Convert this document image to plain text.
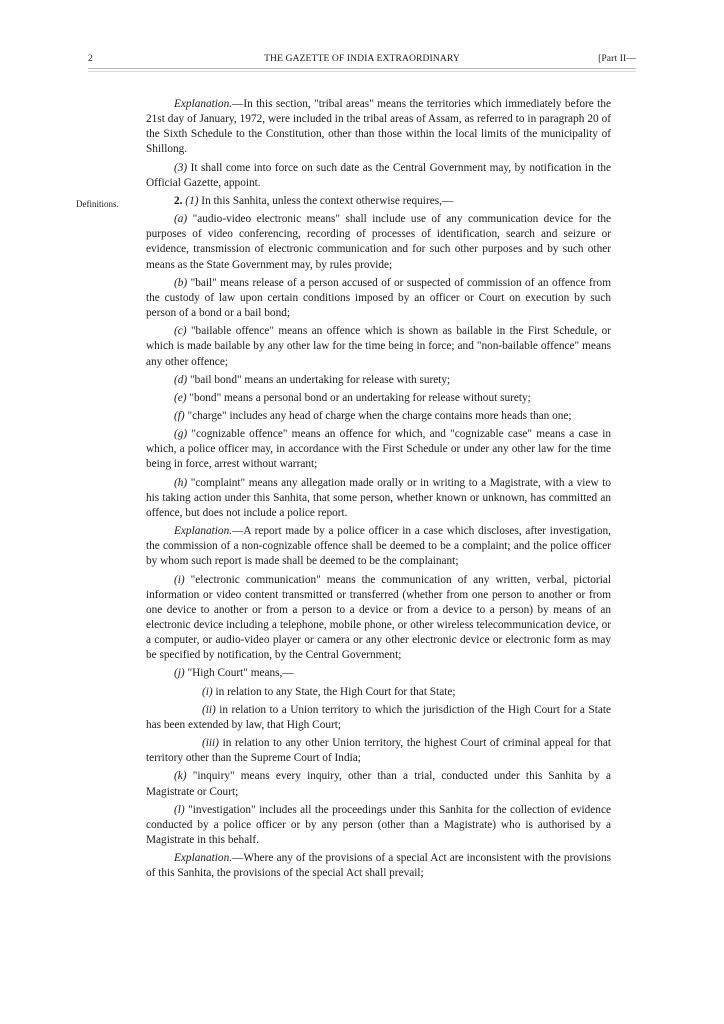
2	THE GAZETTE OF INDIA EXTRAORDINARY	[Part II—
Definitions.

Explanation.—In this section, "tribal areas" means the territories which immediately before the 21st day of January, 1972, were included in the tribal areas of Assam, as referred to in paragraph 20 of the Sixth Schedule to the Constitution, other than those within the local limits of the municipality of Shillong.

(3) It shall come into force on such date as the Central Government may, by notification in the Official Gazette, appoint.

2. (1) In this Sanhita, unless the context otherwise requires,—

(a) "audio-video electronic means" shall include use of any communication device for the purposes of video conferencing, recording of processes of identification, search and seizure or evidence, transmission of electronic communication and for such other purposes and by such other means as the State Government may, by rules provide;

(b) "bail" means release of a person accused of or suspected of commission of an offence from the custody of law upon certain conditions imposed by an officer or Court on execution by such person of a bond or a bail bond;

(c) "bailable offence" means an offence which is shown as bailable in the First Schedule, or which is made bailable by any other law for the time being in force; and "non-bailable offence" means any other offence;

(d) "bail bond" means an undertaking for release with surety;

(e) "bond" means a personal bond or an undertaking for release without surety;

(f) "charge" includes any head of charge when the charge contains more heads than one;

(g) "cognizable offence" means an offence for which, and "cognizable case" means a case in which, a police officer may, in accordance with the First Schedule or under any other law for the time being in force, arrest without warrant;

(h) "complaint" means any allegation made orally or in writing to a Magistrate, with a view to his taking action under this Sanhita, that some person, whether known or unknown, has committed an offence, but does not include a police report.

Explanation.—A report made by a police officer in a case which discloses, after investigation, the commission of a non-cognizable offence shall be deemed to be a complaint; and the police officer by whom such report is made shall be deemed to be the complainant;

(i) "electronic communication" means the communication of any written, verbal, pictorial information or video content transmitted or transferred (whether from one person to another or from one device to another or from a person to a device or from a device to a person) by means of an electronic device including a telephone, mobile phone, or other wireless telecommunication device, or a computer, or audio-video player or camera or any other electronic device or electronic form as may be specified by notification, by the Central Government;

(j) "High Court" means,—

(i) in relation to any State, the High Court for that State;

(ii) in relation to a Union territory to which the jurisdiction of the High Court for a State has been extended by law, that High Court;

(iii) in relation to any other Union territory, the highest Court of criminal appeal for that territory other than the Supreme Court of India;

(k) "inquiry" means every inquiry, other than a trial, conducted under this Sanhita by a Magistrate or Court;

(l) "investigation" includes all the proceedings under this Sanhita for the collection of evidence conducted by a police officer or by any person (other than a Magistrate) who is authorised by a Magistrate in this behalf.

Explanation.—Where any of the provisions of a special Act are inconsistent with the provisions of this Sanhita, the provisions of the special Act shall prevail;
